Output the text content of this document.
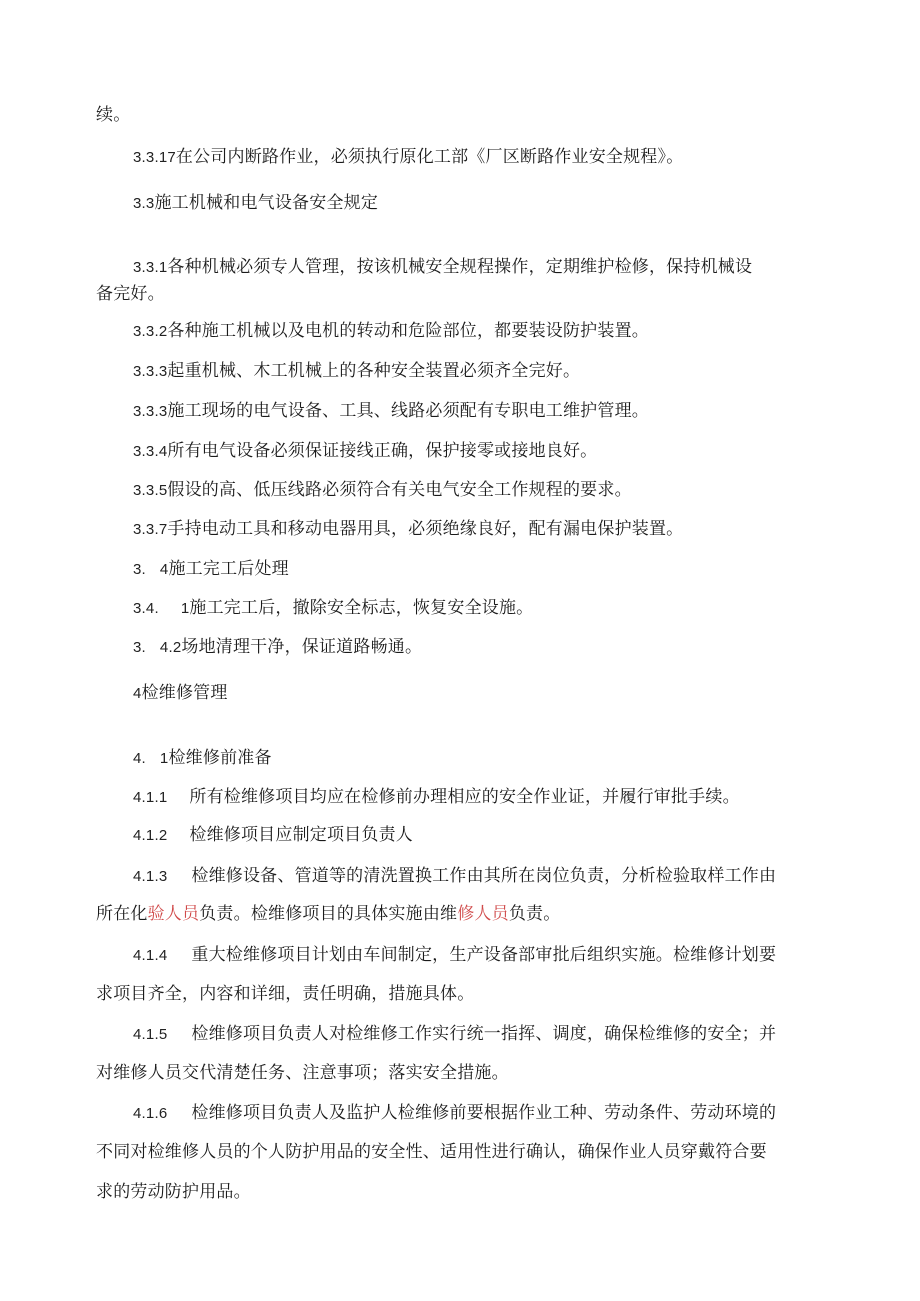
续。
3.3.17在公司内断路作业，必须执行原化工部《厂区断路作业安全规程》。
3.3施工机械和电气设备安全规定
3.3.1各种机械必须专人管理，按该机械安全规程操作，定期维护检修，保持机械设
备完好。
3.3.2各种施工机械以及电机的转动和危险部位，都要装设防护装置。
3.3.3起重机械、木工机械上的各种安全装置必须齐全完好。
3.3.3施工现场的电气设备、工具、线路必须配有专职电工维护管理。
3.3.4所有电气设备必须保证接线正确，保护接零或接地良好。
3.3.5假设的高、低压线路必须符合有关电气安全工作规程的要求。
3.3.7手持电动工具和移动电器用具，必须绝缘良好，配有漏电保护装置。
3. 4施工完工后处理
3.4. 1施工完工后，撤除安全标志，恢复安全设施。
3. 4.2场地清理干净，保证道路畅通。
4检维修管理
4. 1检维修前准备
4.1.1 所有检维修项目均应在检修前办理相应的安全作业证，并履行审批手续。
4.1.2 检维修项目应制定项目负责人
4.1.3 检维修设备、管道等的清洗置换工作由其所在岗位负责，分析检验取样工作由
所在化验人员负责。检维修项目的具体实施由维修人员负责。
4.1.4 重大检维修项目计划由车间制定，生产设备部审批后组织实施。检维修计划要
求项目齐全，内容和详细，责任明确，措施具体。
4.1.5 检维修项目负责人对检维修工作实行统一指挥、调度，确保检维修的安全；并
对维修人员交代清楚任务、注意事项；落实安全措施。
4.1.6 检维修项目负责人及监护人检维修前要根据作业工种、劳动条件、劳动环境的
不同对检维修人员的个人防护用品的安全性、适用性进行确认，确保作业人员穿戴符合要
求的劳动防护用品。
